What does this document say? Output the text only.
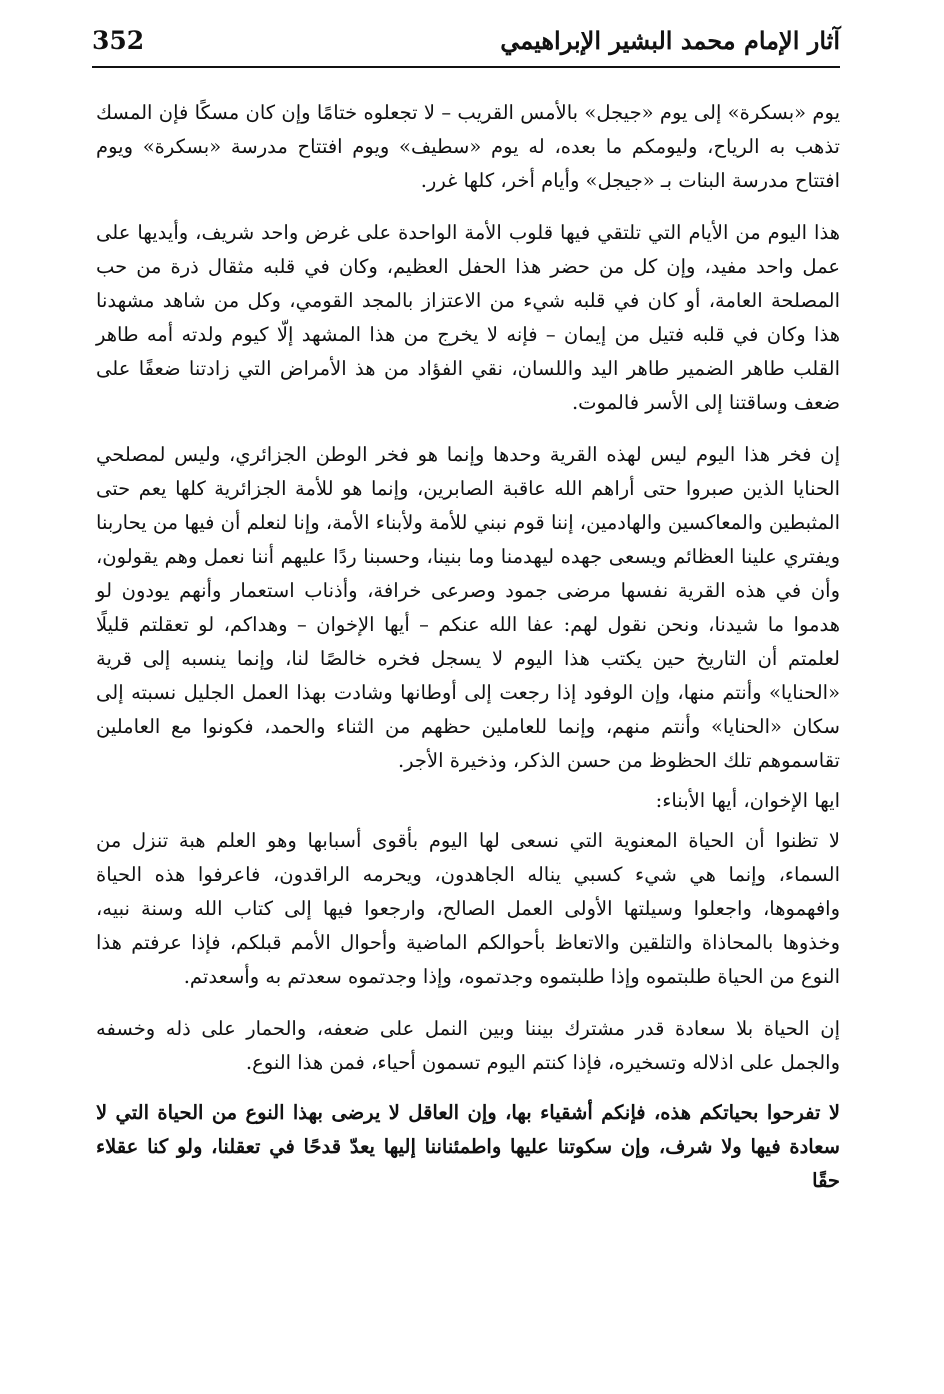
352	آثار الإمام محمد البشير الإبراهيمي

يوم «بسكرة» إلى يوم «جيجل» بالأمس القريب – لا تجعلوه ختامًا وإن كان مسكًا فإن المسك تذهب به الرياح، وليومكم ما بعده، له يوم «سطيف» ويوم افتتاح مدرسة «بسكرة» ويوم افتتاح مدرسة البنات بـ «جيجل» وأيام أخر، كلها غرر.

هذا اليوم من الأيام التي تلتقي فيها قلوب الأمة الواحدة على غرض واحد شريف، وأيديها على عمل واحد مفيد، وإن كل من حضر هذا الحفل العظيم، وكان في قلبه مثقال ذرة من حب المصلحة العامة، أو كان في قلبه شيء من الاعتزاز بالمجد القومي، وكل من شاهد مشهدنا هذا وكان في قلبه فتيل من إيمان – فإنه لا يخرج من هذا المشهد إلّا كيوم ولدته أمه طاهر القلب طاهر الضمير طاهر اليد واللسان، نقي الفؤاد من هذ الأمراض التي زادتنا ضعفًا على ضعف وساقتنا إلى الأسر فالموت.

إن فخر هذا اليوم ليس لهذه القرية وحدها وإنما هو فخر الوطن الجزائري، وليس لمصلحي الحنايا الذين صبروا حتى أراهم الله عاقبة الصابرين، وإنما هو للأمة الجزائرية كلها يعم حتى المثبطين والمعاكسين والهادمين، إننا قوم نبني للأمة ولأبناء الأمة، وإنا لنعلم أن فيها من يحاربنا ويفتري علينا العظائم ويسعى جهده ليهدمنا وما بنينا، وحسبنا ردًا عليهم أننا نعمل وهم يقولون، وأن في هذه القرية نفسها مرضى جمود وصرعى خرافة، وأذناب استعمار وأنهم يودون لو هدموا ما شيدنا، ونحن نقول لهم: عفا الله عنكم – أيها الإخوان – وهداكم، لو تعقلتم قليلًا لعلمتم أن التاريخ حين يكتب هذا اليوم لا يسجل فخره خالصًا لنا، وإنما ينسبه إلى قرية «الحنايا» وأنتم منها، وإن الوفود إذا رجعت إلى أوطانها وشادت بهذا العمل الجليل نسبته إلى سكان «الحنايا» وأنتم منهم، وإنما للعاملين حظهم من الثناء والحمد، فكونوا مع العاملين تقاسموهم تلك الحظوظ من حسن الذكر، وذخيرة الأجر.

ايها الإخوان، أيها الأبناء:

لا تظنوا أن الحياة المعنوية التي نسعى لها اليوم بأقوى أسبابها وهو العلم هبة تنزل من السماء، وإنما هي شيء كسبي يناله الجاهدون، ويحرمه الراقدون، فاعرفوا هذه الحياة وافهموها، واجعلوا وسيلتها الأولى العمل الصالح، وارجعوا فيها إلى كتاب الله وسنة نبيه، وخذوها بالمحاذاة والتلقين والاتعاظ بأحوالكم الماضية وأحوال الأمم قبلكم، فإذا عرفتم هذا النوع من الحياة طلبتموه وإذا طلبتموه وجدتموه، وإذا وجدتموه سعدتم به وأسعدتم.

إن الحياة بلا سعادة قدر مشترك بيننا وبين النمل على ضعفه، والحمار على ذله وخسفه والجمل على اذلاله وتسخيره، فإذا كنتم اليوم تسمون أحياء، فمن هذا النوع.

لا تفرحوا بحياتكم هذه، فإنكم أشقياء بها، وإن العاقل لا يرضى بهذا النوع من الحياة التي لا سعادة فيها ولا شرف، وإن سكوتنا عليها واطمئناننا إليها يعدّ قدحًا في تعقلنا، ولو كنا عقلاء حقًا
